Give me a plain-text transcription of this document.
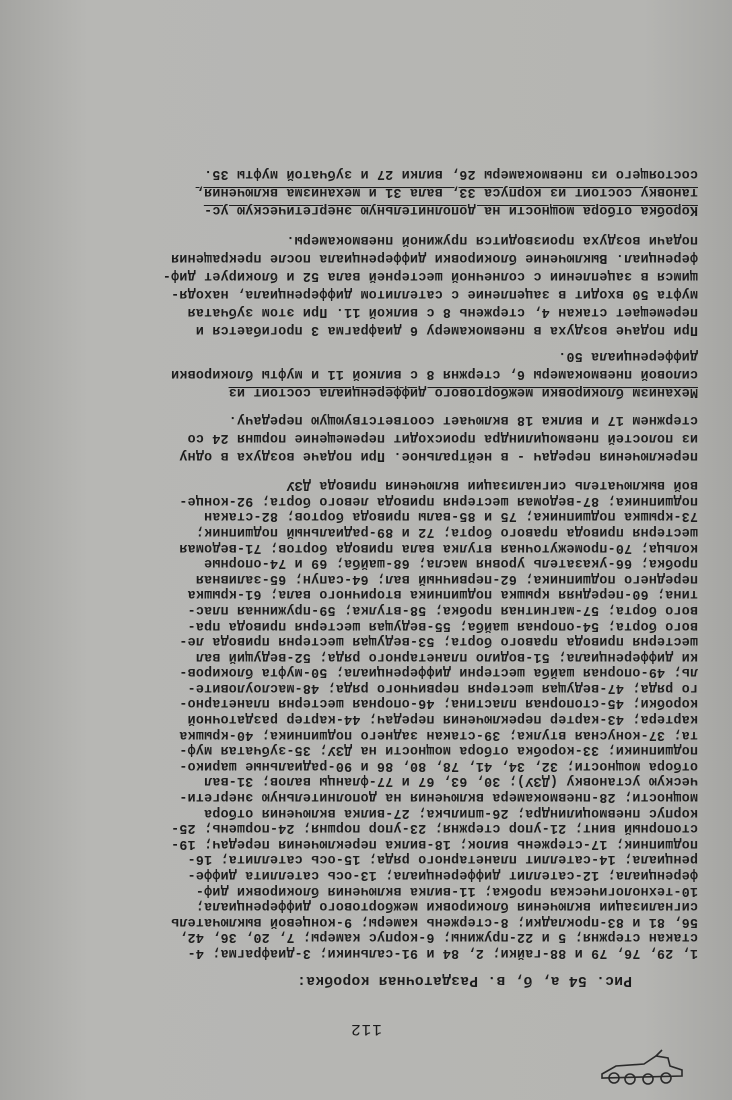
112
Рис. 54 а, б, в. Раздаточная коробка:
1, 29, 76, 79 и 88-гайки; 2, 84 и 91-сальники; 3-диафрагма; 4-
стакан стержня; 5 и 22-пружины; 6-корпус камеры; 7, 20, 36, 42,
56, 81 и 83-прокладки; 8-стержень камеры; 9-концевой выключатель
сигнализации включения блокировки межбортового дифференциала;
10-технологическая пробка; 11-вилка включения блокировки диф-
ференциала; 12-сателлит дифференциала; 13-ось сателлита диффе-
ренциала; 14-сателлит планетарного ряда; 15-ось сателлита; 16-
подшипник; 17-стержень вилок; 18-вилка переключения передач; 19-
стопорный винт; 21-упор стержня; 23-упор поршня; 24-поршень; 25-
корпус пневмоцилиндра; 26-шпилька; 27-вилка включения отбора
мощности; 28-пневмокамера включения на дополнительную энергети-
ческую установку (ДЗУ); 30, 63, 67 и 77-фланцы валов; 31-вал
отбора мощности; 32, 34, 41, 78, 80, 86 и 90-радиальные шарико-
подшипники; 33-коробка отбора мощности на ДЗУ; 35-зубчатая муф-
та; 37-конусная втулка; 39-стакан заднего подшипника; 40-крышка
картера; 43-картер переключения передач; 44-картер раздаточной
коробки; 45-стопорная пластина; 46-опорная шестерня планетарно-
го ряда; 47-ведущая шестерня первичного ряда; 48-маслоуловите-
ль; 49-опорная шайба шестерни дифференциала; 50-муфта блокиров-
ки дифференциала; 51-водило планетарного ряда; 52-ведущий вал
шестерня привода правого борта; 53-ведущая шестерня привода ле-
вого борта; 54-опорная шайба; 55-ведущая шестерня привода пра-
вого борта; 57-магнитная пробка; 58-втулка; 59-пружинная плас-
тина; 60-передняя крышка подшипника вторичного вала; 61-крышка
переднего подшипника; 62-первичный вал; 64-сапун; 65-заливная
пробка; 66-указатель уровня масла; 68-шайба; 69 и 74-опорные
кольца; 70-промежуточная втулка вала привода бортов; 71-ведомая
шестерня привода правого борта; 72 и 89-радиальный подшипник;
73-крышка подшипника; 75 и 85-валы привода бортов; 82-стакан
подшипника; 87-ведомая шестерня привода левого борта; 92-конце-
вой выключатель сигнализации включения привода ДЗУ
переключения передач - в нейтральное. При подаче воздуха в одну
из полостей пневмоцилиндра происходит перемещение поршня 24 со
стержнем 17 и вилка 18 включает соответствующую передачу.
Механизм блокировки межбортового дифференциала состоит из
силовой пневмокамеры 6, стержня 8 с вилкой 11 и муфты блокировки
дифференциала 50.
При подаче воздуха в пневмокамеру 6 диафрагма 3 прогибается и
перемещает стакан 4, стержень 8 с вилкой 11. При этом зубчатая
муфта 50 входит в зацепление с сателлитом дифференциала, находя-
щимся в зацеплении с солнечной шестерней вала 52 и блокирует диф-
ференциал. Выключение блокировки дифференциала после прекращения
подачи воздуха производится пружиной пневмокамеры.
Коробка отбора мощности на дополнительную энергетическую ус-
тановку состоит из корпуса 33, вала 31 и механизма включения,
состоящего из пневмокамеры 26, вилки 27 и зубчатой муфты 35.
